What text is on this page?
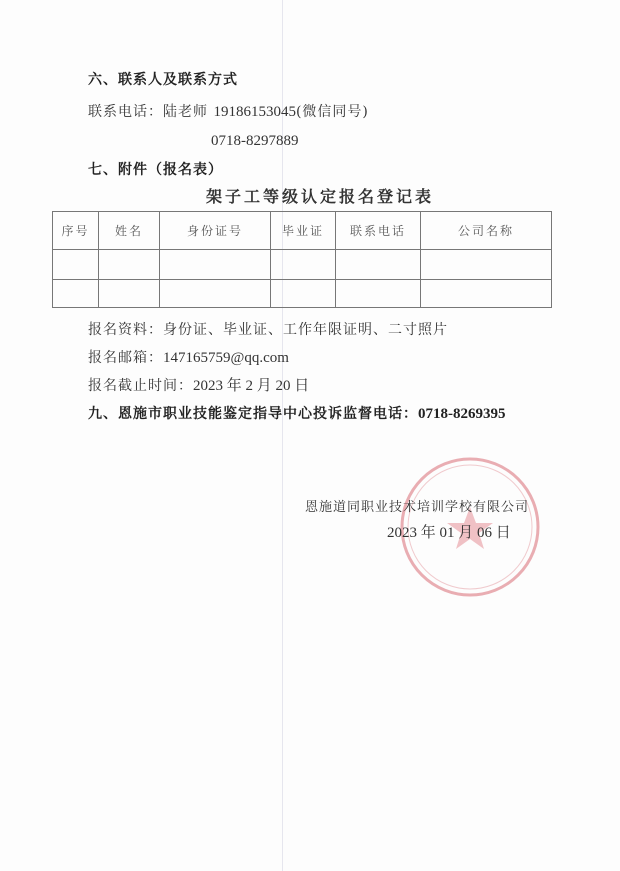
六、联系人及联系方式
联系电话：陆老师 19186153045(微信同号)
0718-8297889
七、附件（报名表）
架子工等级认定报名登记表
序号	姓名	身份证号	毕业证	联系电话	公司名称

报名资料：身份证、毕业证、工作年限证明、二寸照片
报名邮箱：147165759@qq.com
报名截止时间：2023 年 2 月 20 日
九、恩施市职业技能鉴定指导中心投诉监督电话：0718-8269395
恩施道同职业技术培训学校有限公司
2023 年 01 月 06 日
